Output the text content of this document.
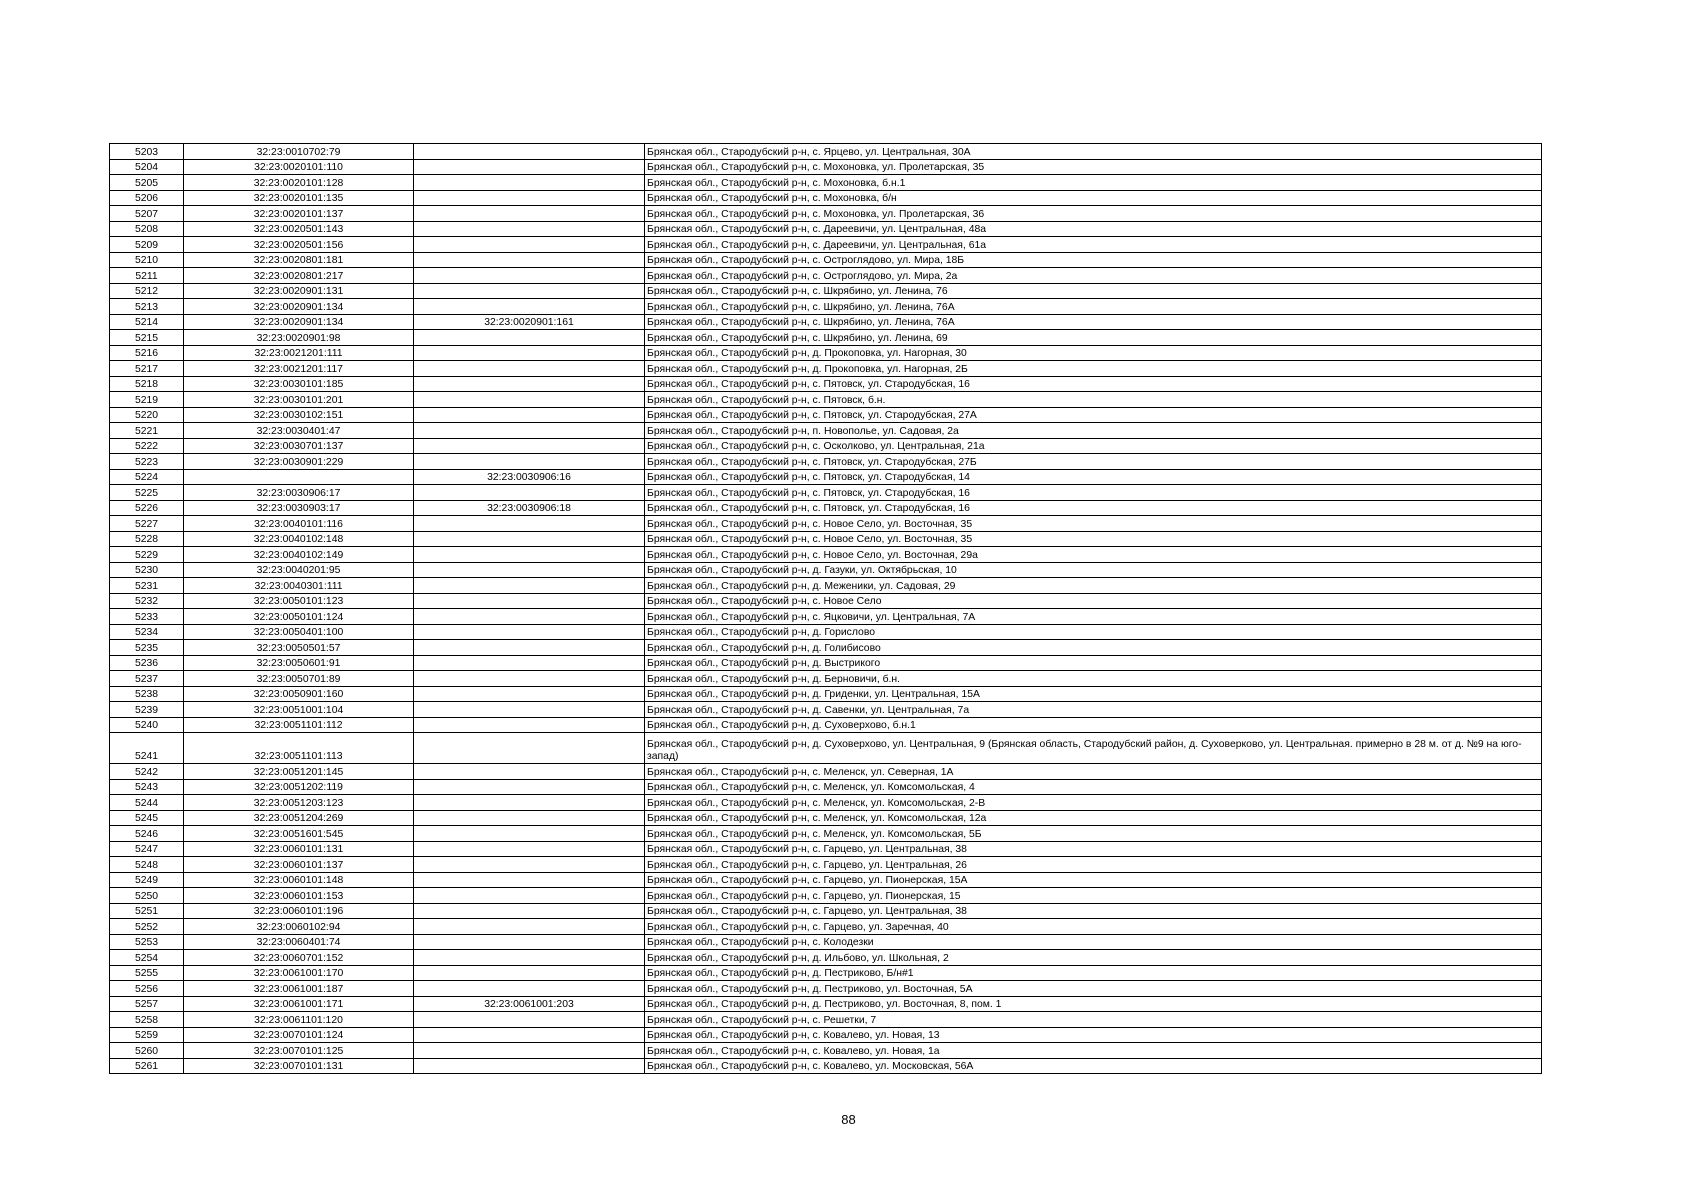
5203	32:23:0010702:79		Брянская обл., Стародубский р-н, с. Ярцево, ул. Центральная, 30А
5204	32:23:0020101:110		Брянская обл., Стародубский р-н, с. Мохоновка, ул. Пролетарская, 35
5205	32:23:0020101:128		Брянская обл., Стародубский р-н, с. Мохоновка, б.н.1
5206	32:23:0020101:135		Брянская обл., Стародубский р-н, с. Мохоновка, б/н
5207	32:23:0020101:137		Брянская обл., Стародубский р-н, с. Мохоновка, ул. Пролетарская, 36
5208	32:23:0020501:143		Брянская обл., Стародубский р-н, с. Дареевичи, ул. Центральная, 48а
5209	32:23:0020501:156		Брянская обл., Стародубский р-н, с. Дареевичи, ул. Центральная, 61а
5210	32:23:0020801:181		Брянская обл., Стародубский р-н, с. Остроглядово, ул. Мира, 18Б
5211	32:23:0020801:217		Брянская обл., Стародубский р-н, с. Остроглядово, ул. Мира, 2а
5212	32:23:0020901:131		Брянская обл., Стародубский р-н, с. Шкрябино, ул. Ленина, 76
5213	32:23:0020901:134		Брянская обл., Стародубский р-н, с. Шкрябино, ул. Ленина, 76А
5214	32:23:0020901:134	32:23:0020901:161	Брянская обл., Стародубский р-н, с. Шкрябино, ул. Ленина, 76А
5215	32:23:0020901:98		Брянская обл., Стародубский р-н, с. Шкрябино, ул. Ленина, 69
5216	32:23:0021201:111		Брянская обл., Стародубский р-н, д. Прокоповка, ул. Нагорная, 30
5217	32:23:0021201:117		Брянская обл., Стародубский р-н, д. Прокоповка, ул. Нагорная, 2Б
5218	32:23:0030101:185		Брянская обл., Стародубский р-н, с. Пятовск, ул. Стародубская, 16
5219	32:23:0030101:201		Брянская обл., Стародубский р-н, с. Пятовск, б.н.
5220	32:23:0030102:151		Брянская обл., Стародубский р-н, с. Пятовск, ул. Стародубская, 27А
5221	32:23:0030401:47		Брянская обл., Стародубский р-н, п. Новополье, ул. Садовая, 2а
5222	32:23:0030701:137		Брянская обл., Стародубский р-н, с. Осколково, ул. Центральная, 21а
5223	32:23:0030901:229		Брянская обл., Стародубский р-н, с. Пятовск, ул. Стародубская, 27Б
5224		32:23:0030906:16	Брянская обл., Стародубский р-н, с. Пятовск, ул. Стародубская, 14
5225	32:23:0030906:17		Брянская обл., Стародубский р-н, с. Пятовск, ул. Стародубская, 16
5226	32:23:0030903:17	32:23:0030906:18	Брянская обл., Стародубский р-н, с. Пятовск, ул. Стародубская, 16
5227	32:23:0040101:116		Брянская обл., Стародубский р-н, с. Новое Село, ул. Восточная, 35
5228	32:23:0040102:148		Брянская обл., Стародубский р-н, с. Новое Село, ул. Восточная, 35
5229	32:23:0040102:149		Брянская обл., Стародубский р-н, с. Новое Село, ул. Восточная, 29а
5230	32:23:0040201:95		Брянская обл., Стародубский р-н, д. Газуки, ул. Октябрьская, 10
5231	32:23:0040301:111		Брянская обл., Стародубский р-н, д. Меженики, ул. Садовая, 29
5232	32:23:0050101:123		Брянская обл., Стародубский р-н, с. Новое Село
5233	32:23:0050101:124		Брянская обл., Стародубский р-н, с. Яцковичи, ул. Центральная, 7А
5234	32:23:0050401:100		Брянская обл., Стародубский р-н, д. Горислово
5235	32:23:0050501:57		Брянская обл., Стародубский р-н, д. Голибисово
5236	32:23:0050601:91		Брянская обл., Стародубский р-н, д. Выстрикого
5237	32:23:0050701:89		Брянская обл., Стародубский р-н, д. Берновичи, б.н.
5238	32:23:0050901:160		Брянская обл., Стародубский р-н, д. Гриденки, ул. Центральная, 15А
5239	32:23:0051001:104		Брянская обл., Стародубский р-н, д. Савенки, ул. Центральная, 7а
5240	32:23:0051101:112		Брянская обл., Стародубский р-н, д. Суховерхово, б.н.1
5241	32:23:0051101:113		Брянская обл., Стародубский р-н, д. Суховерхово, ул. Центральная, 9 (Брянская область, Стародубский район, д. Суховерково, ул. Центральная. примерно в 28 м. от д. №9 на юго-запад)
5242	32:23:0051201:145		Брянская обл., Стародубский р-н, с. Меленск, ул. Северная, 1А
5243	32:23:0051202:119		Брянская обл., Стародубский р-н, с. Меленск, ул. Комсомольская, 4
5244	32:23:0051203:123		Брянская обл., Стародубский р-н, с. Меленск, ул. Комсомольская, 2-В
5245	32:23:0051204:269		Брянская обл., Стародубский р-н, с. Меленск, ул. Комсомольская, 12а
5246	32:23:0051601:545		Брянская обл., Стародубский р-н, с. Меленск, ул. Комсомольская, 5Б
5247	32:23:0060101:131		Брянская обл., Стародубский р-н, с. Гарцево, ул. Центральная, 38
5248	32:23:0060101:137		Брянская обл., Стародубский р-н, с. Гарцево, ул. Центральная, 26
5249	32:23:0060101:148		Брянская обл., Стародубский р-н, с. Гарцево, ул. Пионерская, 15А
5250	32:23:0060101:153		Брянская обл., Стародубский р-н, с. Гарцево, ул. Пионерская, 15
5251	32:23:0060101:196		Брянская обл., Стародубский р-н, с. Гарцево, ул. Центральная, 38
5252	32:23:0060102:94		Брянская обл., Стародубский р-н, с. Гарцево, ул. Заречная, 40
5253	32:23:0060401:74		Брянская обл., Стародубский р-н, с. Колодезки
5254	32:23:0060701:152		Брянская обл., Стародубский р-н, д. Ильбово, ул. Школьная, 2
5255	32:23:0061001:170		Брянская обл., Стародубский р-н, д. Пестриково, Б/н#1
5256	32:23:0061001:187		Брянская обл., Стародубский р-н, д. Пестриково, ул. Восточная, 5А
5257	32:23:0061001:171	32:23:0061001:203	Брянская обл., Стародубский р-н, д. Пестриково, ул. Восточная, 8, пом. 1
5258	32:23:0061101:120		Брянская обл., Стародубский р-н, с. Решетки, 7
5259	32:23:0070101:124		Брянская обл., Стародубский р-н, с. Ковалево, ул. Новая, 13
5260	32:23:0070101:125		Брянская обл., Стародубский р-н, с. Ковалево, ул. Новая, 1а
5261	32:23:0070101:131		Брянская обл., Стародубский р-н, с. Ковалево, ул. Московская, 56А
88
